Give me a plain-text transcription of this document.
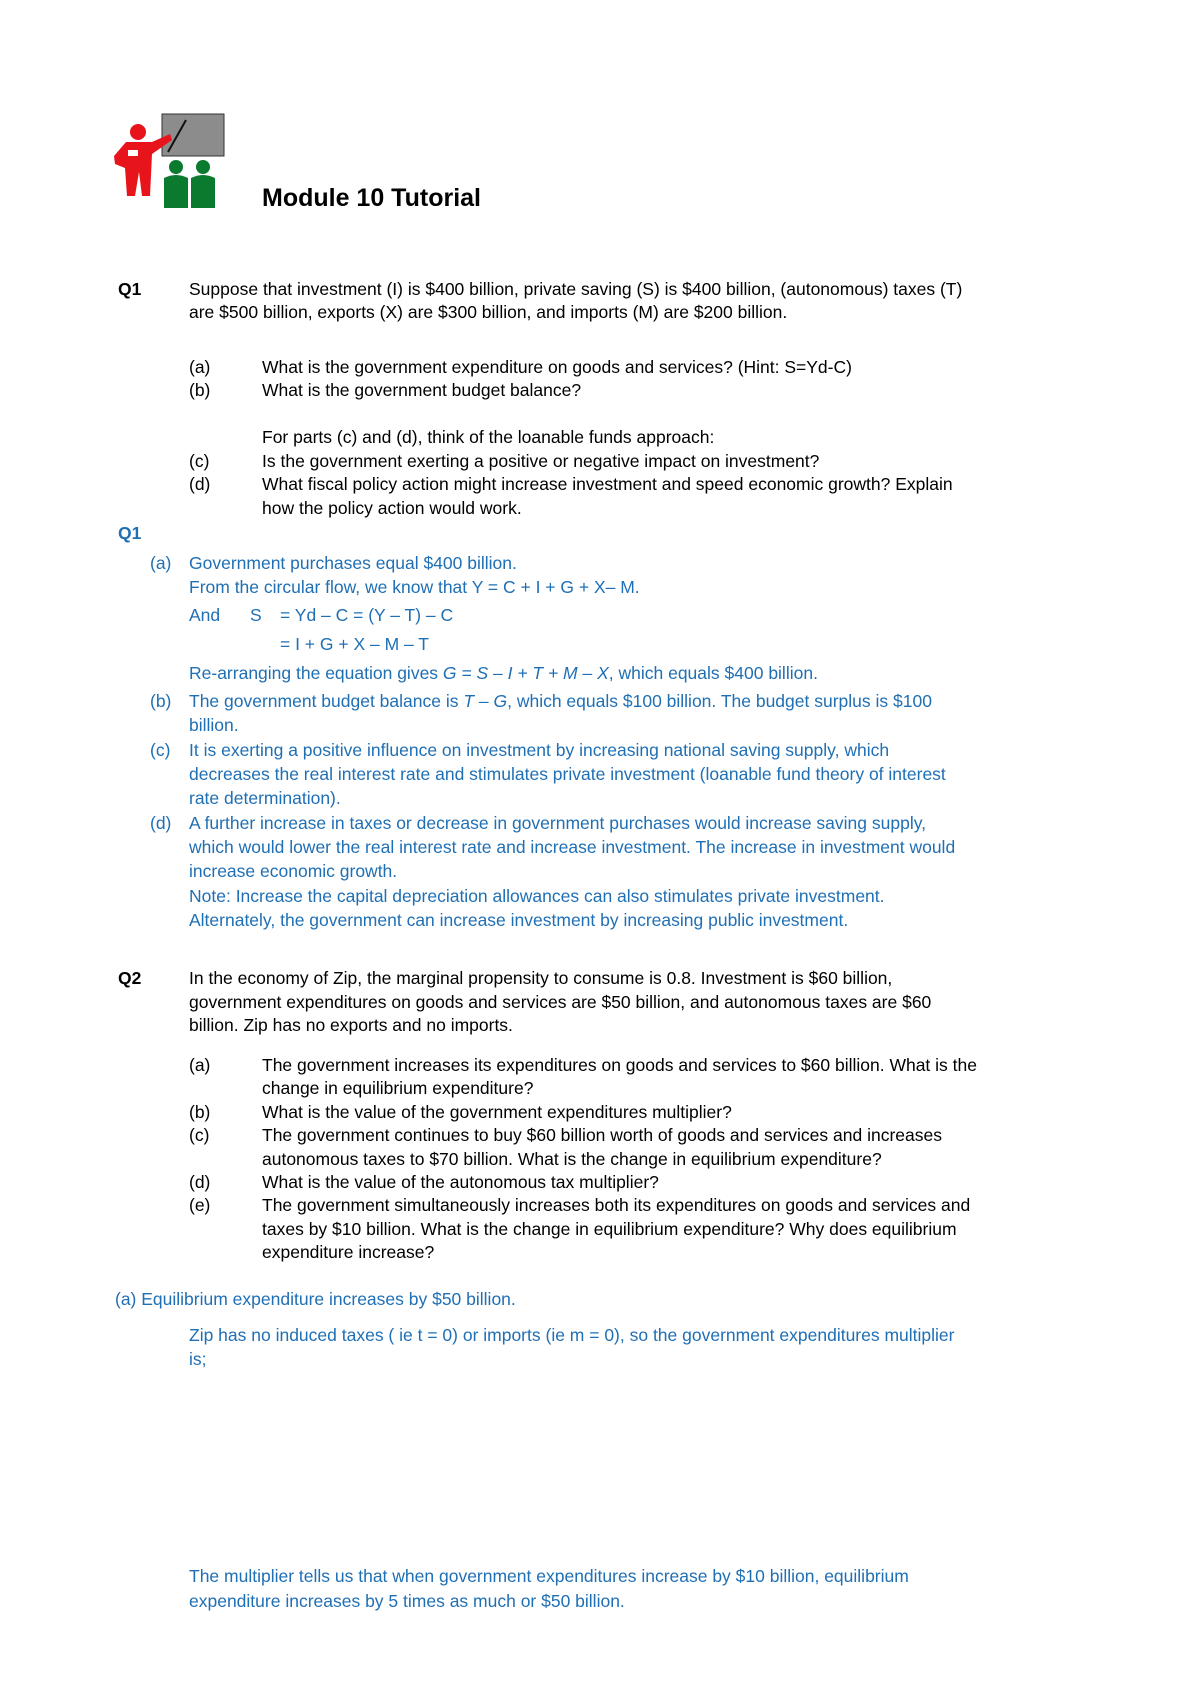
Module 10 Tutorial
Q1	Suppose that investment (I) is $400 billion, private saving (S) is $400 billion, (autonomous) taxes (T)
are $500 billion, exports (X) are $300 billion, and imports (M) are $200 billion.
(a)	What is the government expenditure on goods and services? (Hint: S=Yd-C)
(b)	What is the government budget balance?
For parts (c) and (d), think of the loanable funds approach:
(c)	Is the government exerting a positive or negative impact on investment?
(d)	What fiscal policy action might increase investment and speed economic growth? Explain
how the policy action would work.
Q1
(a) Government purchases equal $400 billion.
From the circular flow, we know that Y = C + I + G + X– M.
And S = Yd – C = (Y – T) – C
= I + G + X – M – T
Re-arranging the equation gives G = S – I + T + M – X, which equals $400 billion.
(b) The government budget balance is T – G, which equals $100 billion. The budget surplus is $100
billion.
(c) It is exerting a positive influence on investment by increasing national saving supply, which
decreases the real interest rate and stimulates private investment (loanable fund theory of interest
rate determination).
(d) A further increase in taxes or decrease in government purchases would increase saving supply,
which would lower the real interest rate and increase investment. The increase in investment would
increase economic growth.
Note: Increase the capital depreciation allowances can also stimulates private investment.
Alternately, the government can increase investment by increasing public investment.
Q2	In the economy of Zip, the marginal propensity to consume is 0.8. Investment is $60 billion,
government expenditures on goods and services are $50 billion, and autonomous taxes are $60
billion. Zip has no exports and no imports.
(a)	The government increases its expenditures on goods and services to $60 billion. What is the
change in equilibrium expenditure?
(b)	What is the value of the government expenditures multiplier?
(c)	The government continues to buy $60 billion worth of goods and services and increases
autonomous taxes to $70 billion. What is the change in equilibrium expenditure?
(d)	What is the value of the autonomous tax multiplier?
(e)	The government simultaneously increases both its expenditures on goods and services and
taxes by $10 billion. What is the change in equilibrium expenditure? Why does equilibrium
expenditure increase?
(a) Equilibrium expenditure increases by $50 billion.
Zip has no induced taxes ( ie t = 0) or imports (ie m = 0), so the government expenditures multiplier
is;
The multiplier tells us that when government expenditures increase by $10 billion, equilibrium
expenditure increases by 5 times as much or $50 billion.
